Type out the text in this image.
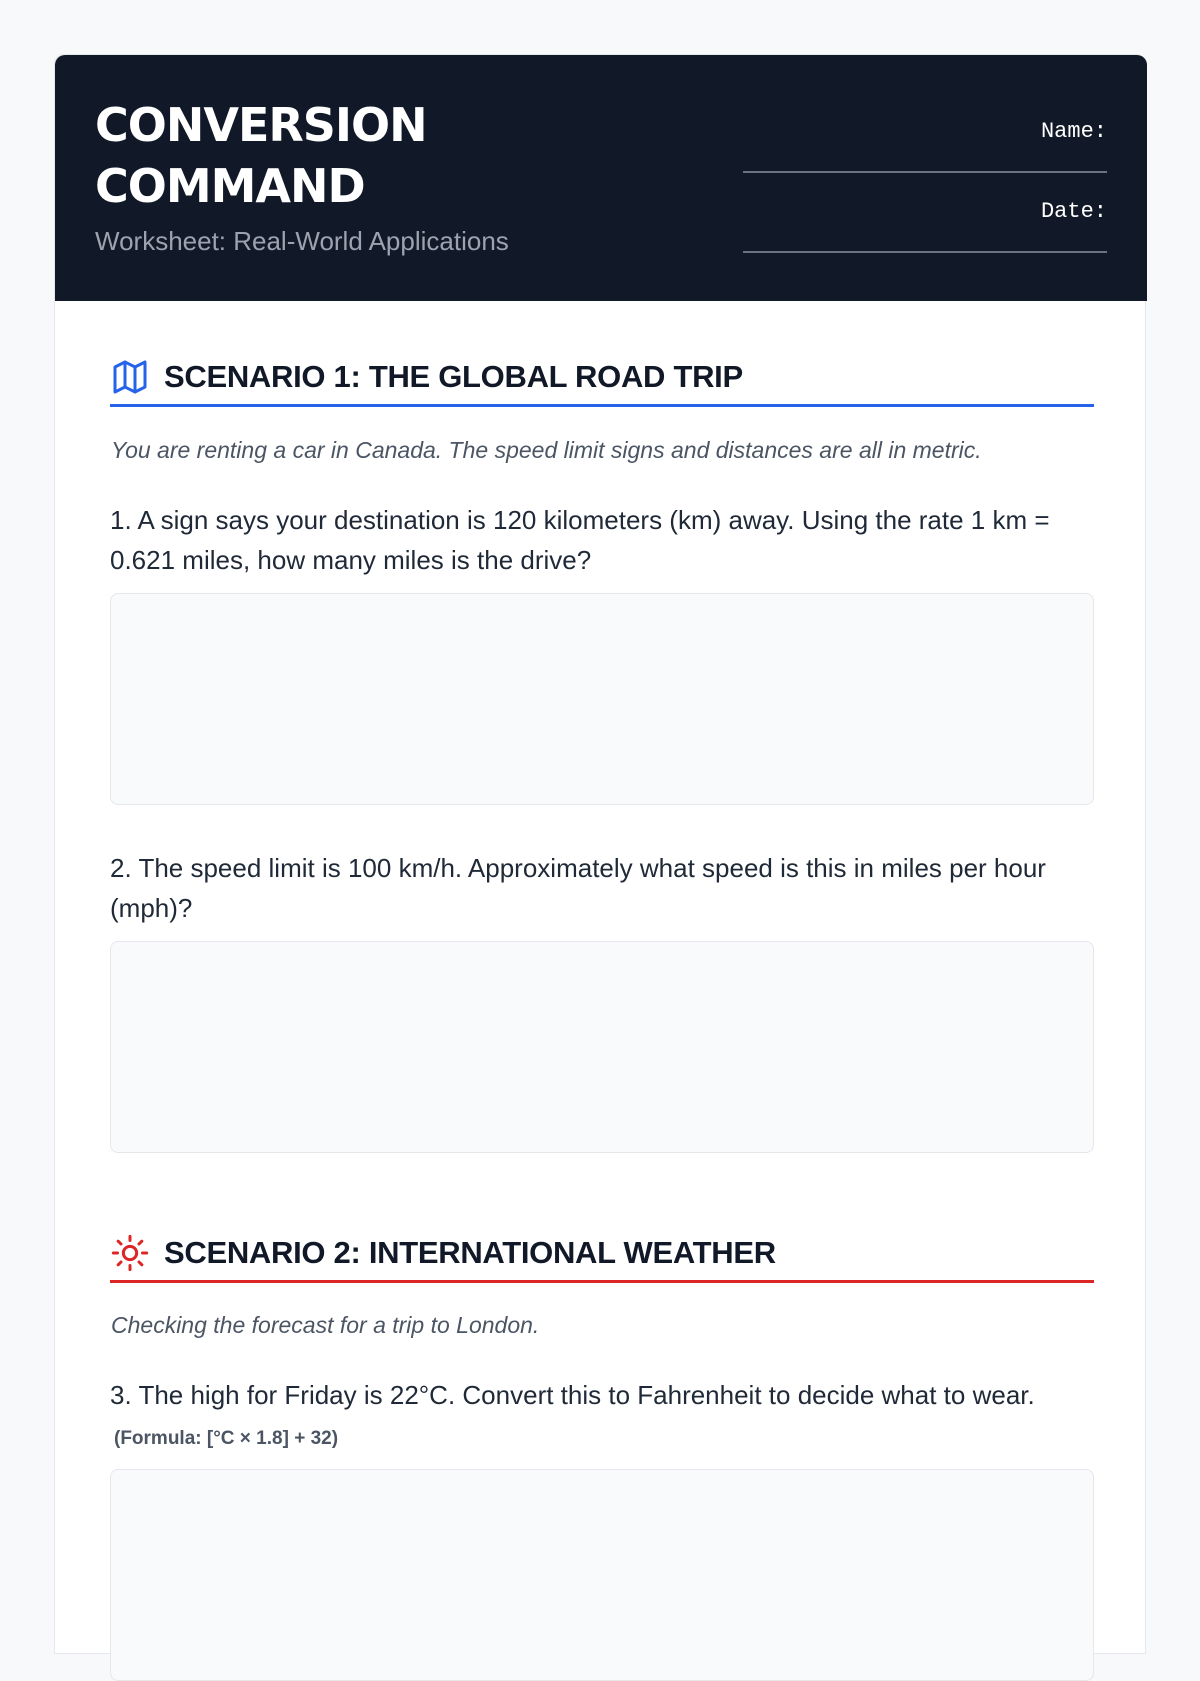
CONVERSION COMMAND
Worksheet: Real-World Applications
Name:
Date:
SCENARIO 1: THE GLOBAL ROAD TRIP

You are renting a car in Canada. The speed limit signs and distances are all in metric.

1. A sign says your destination is 120 kilometers (km) away. Using the rate 1 km = 0.621 miles, how many miles is the drive?

2. The speed limit is 100 km/h. Approximately what speed is this in miles per hour (mph)?

SCENARIO 2: INTERNATIONAL WEATHER

Checking the forecast for a trip to London.

3. The high for Friday is 22°C. Convert this to Fahrenheit to decide what to wear. (Formula: [°C × 1.8] + 32)
